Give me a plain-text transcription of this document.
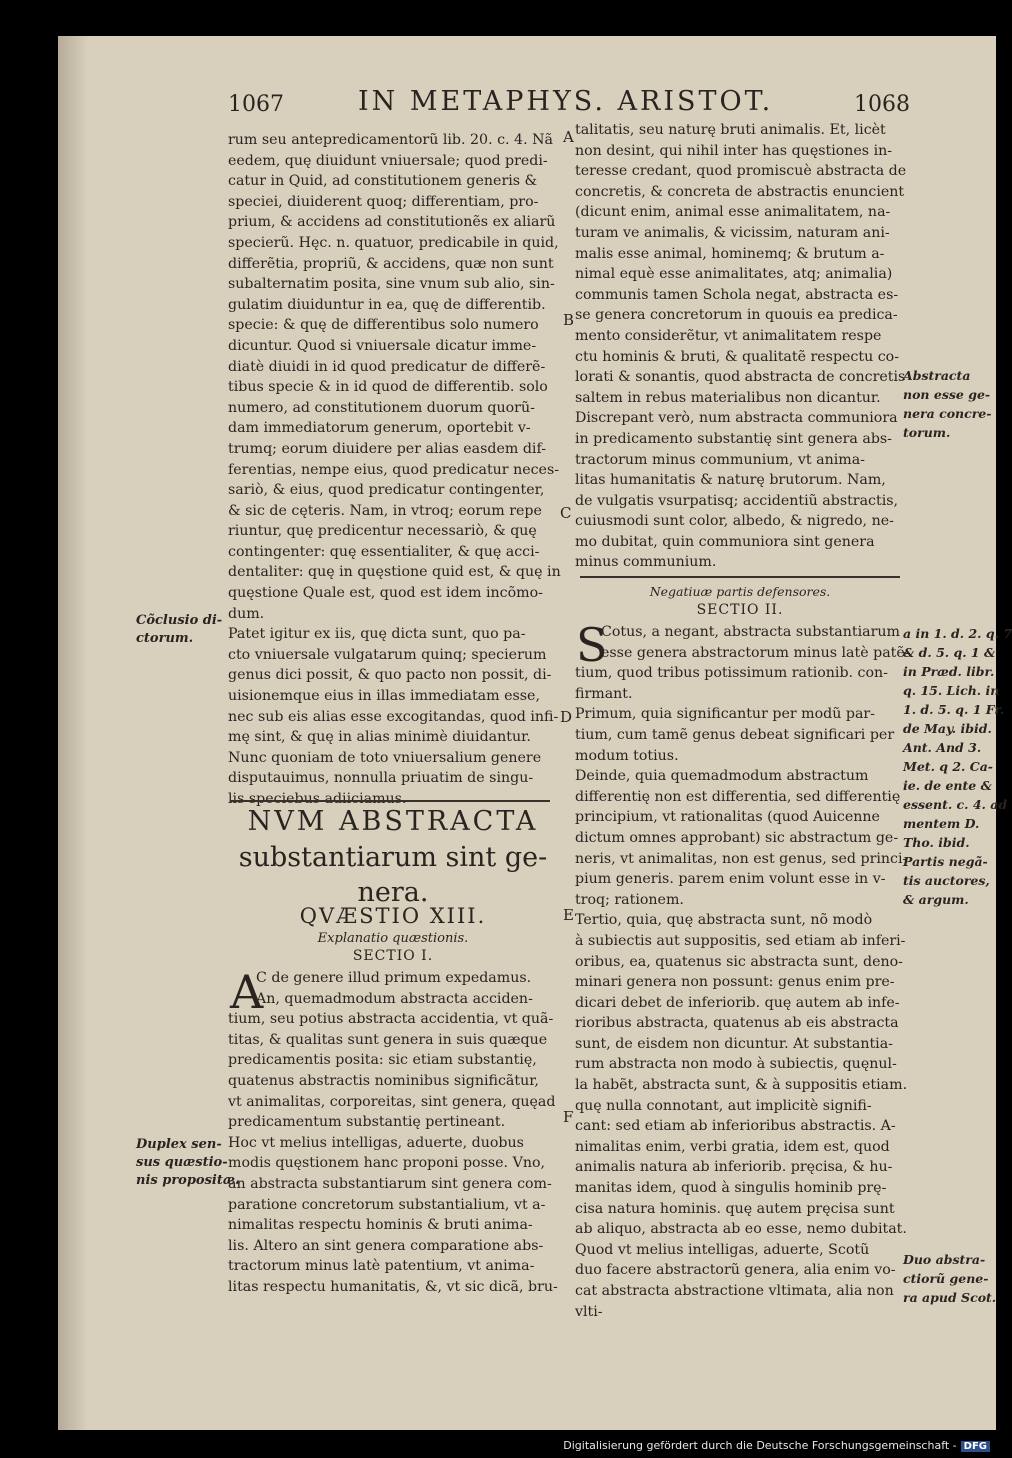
1067	IN METAPHYS. ARISTOT.	1068
A
B
C
D
E
F

rum seu antepredicamentorũ lib. 20. c. 4. Nã

eedem, quę diuidunt vniuersale; quod predi-

catur in Quid, ad constitutionem generis &

speciei, diuiderent quoq; differentiam, pro-

prium, & accidens ad constitutionẽs ex aliarũ

specierũ. Hęc. n. quatuor, predicabile in quid,

differẽtia, propriũ, & accidens, quæ non sunt

subalternatim posita, sine vnum sub alio, sin-

gulatim diuiduntur in ea, quę de differentib.

specie: & quę de differentibus solo numero

dicuntur. Quod si vniuersale dicatur imme-

diatè diuidi in id quod predicatur de differẽ-

tibus specie & in id quod de differentib. solo

numero, ad constitutionem duorum quorũ-

dam immediatorum generum, oportebit v-

trumq; eorum diuidere per alias easdem dif-

ferentias, nempe eius, quod predicatur neces-

sariò, & eius, quod predicatur contingenter,

& sic de cęteris. Nam, in vtroq; eorum repe

riuntur, quę predicentur necessariò, & quę

contingenter: quę essentialiter, & quę acci-

dentaliter: quę in quęstione quid est, & quę in

quęstione Quale est, quod est idem incõmo-

dum.

Patet igitur ex iis, quę dicta sunt, quo pa-

cto vniuersale vulgatarum quinq; specierum

genus dici possit, & quo pacto non possit, di-

uisionemque eius in illas immediatam esse,

nec sub eis alias esse excogitandas, quod infi-

mę sint, & quę in alias minimè diuidantur.

Nunc quoniam de toto vniuersalium genere

disputauimus, nonnulla priuatim de singu-

lis speciebus adiiciamus.

Cõclusio di-
ctorum.
Duplex sen-
sus quæstio-
nis propositæ.
NVM ABSTRACTA
substantiarum sint ge-
nera.
QVÆSTIO XIII.
Explanatio quæstionis.
SECTIO I.
A

C de genere illud primum expedamus.

An, quemadmodum abstracta acciden-

tium, seu potius abstracta accidentia, vt quã-

titas, & qualitas sunt genera in suis quæque

predicamentis posita: sic etiam substantię,

quatenus abstractis nominibus significãtur,

vt animalitas, corporeitas, sint genera, quęad

predicamentum substantię pertineant.

Hoc vt melius intelligas, aduerte, duobus

modis quęstionem hanc proponi posse. Vno,

an abstracta substantiarum sint genera com-

paratione concretorum substantialium, vt a-

nimalitas respectu hominis & bruti anima-

lis. Altero an sint genera comparatione abs-

tractorum minus latè patentium, vt anima-

litas respectu humanitatis, &, vt sic dicã, bru-

talitatis, seu naturę bruti animalis. Et, licèt

non desint, qui nihil inter has quęstiones in-

teresse credant, quod promiscuè abstracta de

concretis, & concreta de abstractis enuncient

(dicunt enim, animal esse animalitatem, na-

turam ve animalis, & vicissim, naturam ani-

malis esse animal, hominemq; & brutum a-

nimal equè esse animalitates, atq; animalia)

communis tamen Schola negat, abstracta es-

se genera concretorum in quouis ea predica-

mento considerẽtur, vt animalitatem respe

ctu hominis & bruti, & qualitatẽ respectu co-

lorati & sonantis, quod abstracta de concretis

saltem in rebus materialibus non dicantur.

Discrepant verò, num abstracta communiora

in predicamento substantię sint genera abs-

tractorum minus communium, vt anima-

litas humanitatis & naturę brutorum. Nam,

de vulgatis vsurpatisq; accidentiũ abstractis,

cuiusmodi sunt color, albedo, & nigredo, ne-

mo dubitat, quin communiora sint genera

minus communium.

Negatiuæ partis defensores.
SECTIO II.
S

Cotus, a negant, abstracta substantiarum

esse genera abstractorum minus latè patẽ-

tium, quod tribus potissimum rationib. con-

firmant.

Primum, quia significantur per modũ par-

tium, cum tamẽ genus debeat significari per

modum totius.

Deinde, quia quemadmodum abstractum

differentię non est differentia, sed differentię

principium, vt rationalitas (quod Auicenne

dictum omnes approbant) sic abstractum ge-

neris, vt animalitas, non est genus, sed princi-

pium generis. parem enim volunt esse in v-

troq; rationem.

Tertio, quia, quę abstracta sunt, nõ modò

à subiectis aut suppositis, sed etiam ab inferi-

oribus, ea, quatenus sic abstracta sunt, deno-

minari genera non possunt: genus enim pre-

dicari debet de inferiorib. quę autem ab infe-

rioribus abstracta, quatenus ab eis abstracta

sunt, de eisdem non dicuntur. At substantia-

rum abstracta non modo à subiectis, quęnul-

la habẽt, abstracta sunt, & à suppositis etiam.

quę nulla connotant, aut implicitè signifi-

cant: sed etiam ab inferioribus abstractis. A-

nimalitas enim, verbi gratia, idem est, quod

animalis natura ab inferiorib. pręcisa, & hu-

manitas idem, quod à singulis hominib prę-

cisa natura hominis. quę autem pręcisa sunt

ab aliquo, abstracta ab eo esse, nemo dubitat.

Quod vt melius intelligas, aduerte, Scotũ

duo facere abstractorũ genera, alia enim vo-

cat abstracta abstractione vltimata, alia non

vlti-

Abstracta
non esse ge-
nera concre-
torum.
a in 1. d. 2. q. 7
& d. 5. q. 1 &
in Præd. libr.
q. 15. Lich. in
1. d. 5. q. 1 Fr.
de May. ibid.
Ant. And 3.
Met. q 2. Ca-
ie. de ente &
essent. c. 4. ad
mentem D.
Tho. ibid.
Partis negã-
tis auctores,
& argum.
Duo abstra-
ctiorũ gene-
ra apud Scot.
Digitalisierung gefördert durch die Deutsche Forschungsgemeinschaft - DFG
